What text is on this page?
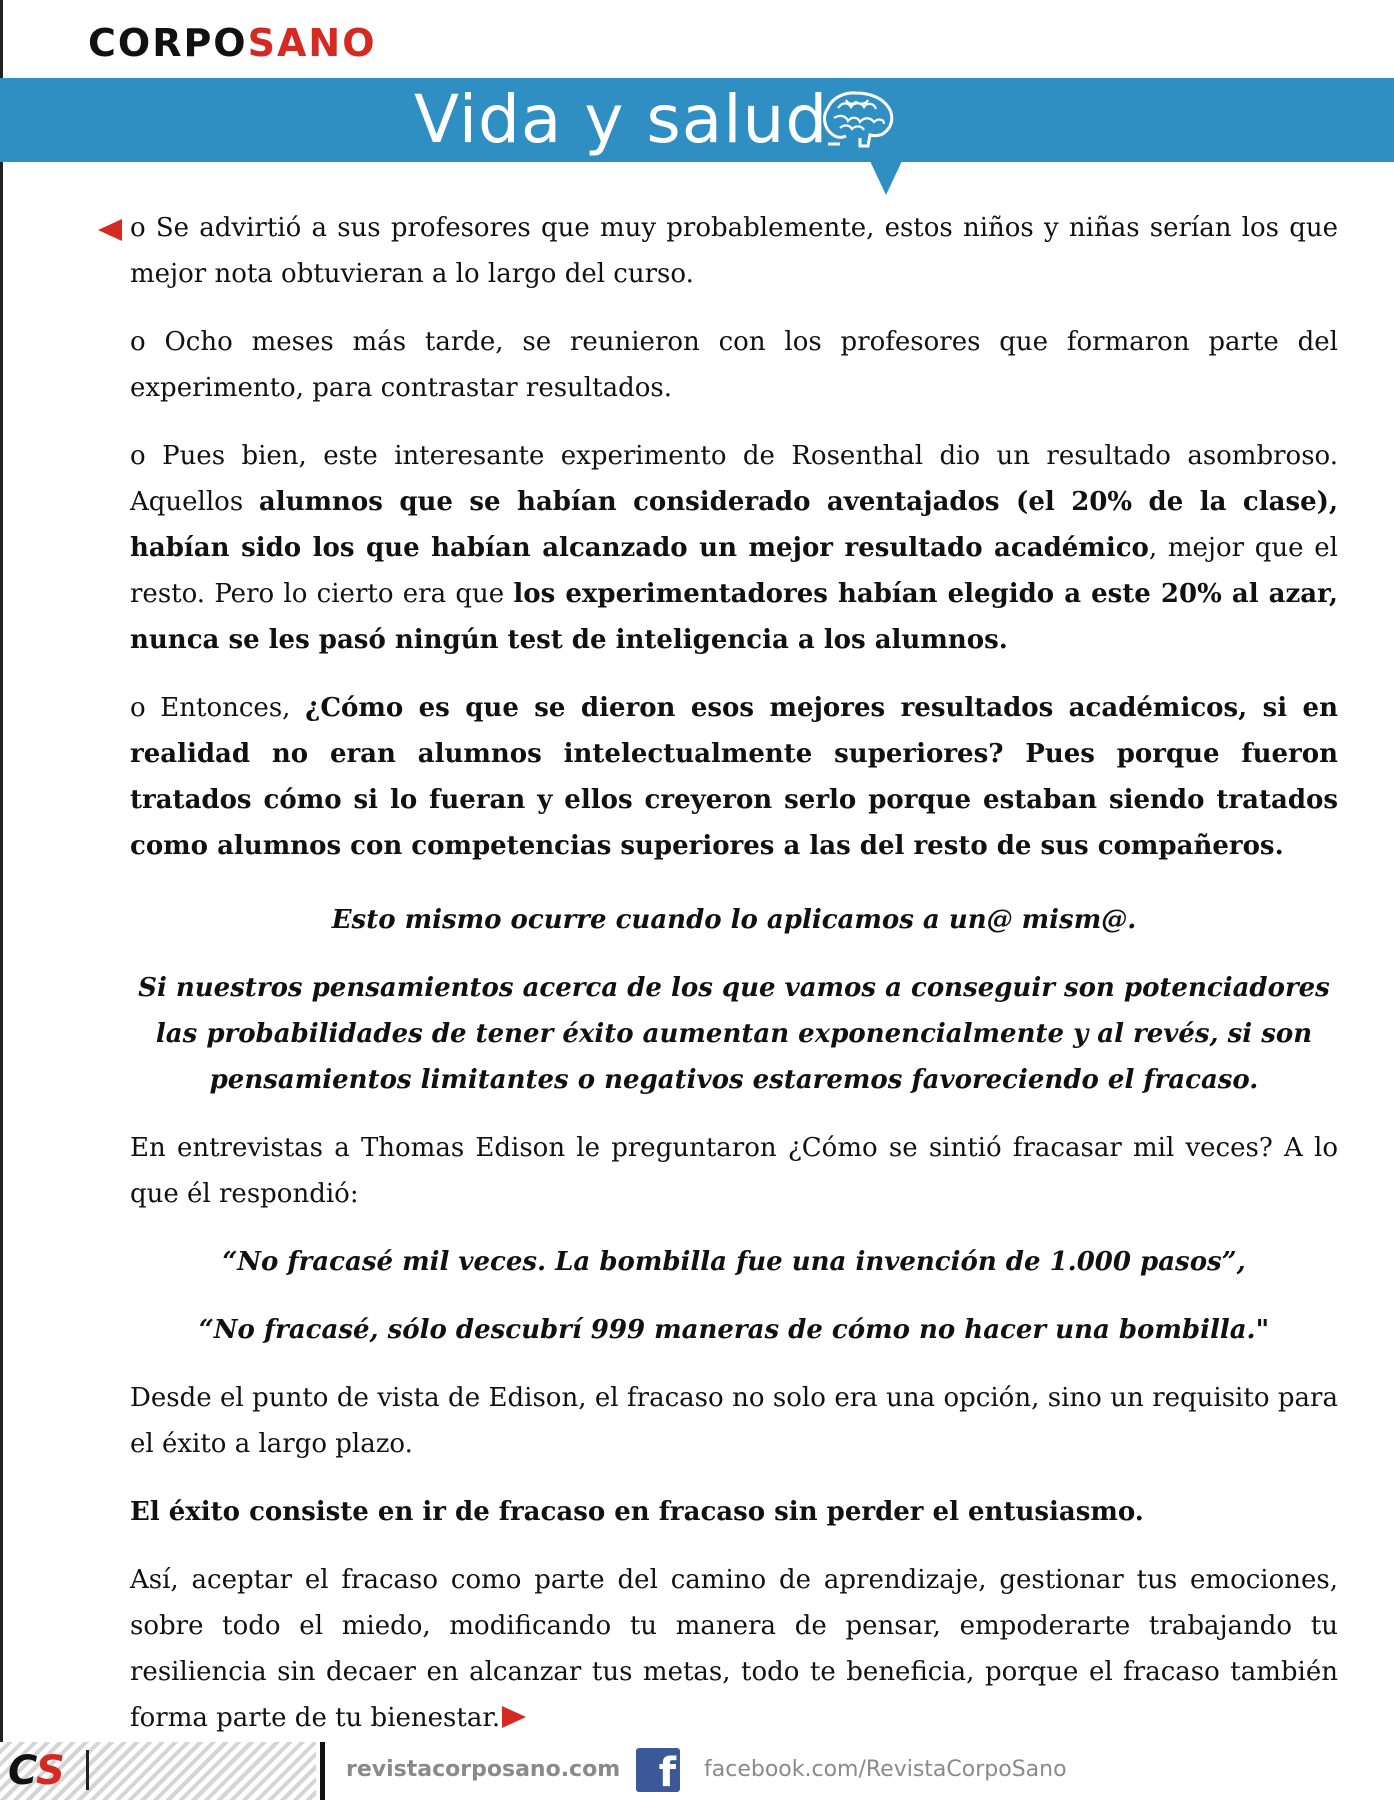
CORPOSANO
Vida y salud

o Se advirtió a sus profesores que muy probablemente, estos niños y niñas serían los que mejor nota obtuvieran a lo largo del curso.

o Ocho meses más tarde, se reunieron con los profesores que formaron parte del experimento, para contrastar resultados.

o Pues bien, este interesante experimento de Rosenthal dio un resultado asombroso. Aquellos alumnos que se habían considerado aventajados (el 20% de la clase), habían sido los que habían alcanzado un mejor resultado académico, mejor que el resto. Pero lo cierto era que los experimentadores habían elegido a este 20% al azar, nunca se les pasó ningún test de inteligencia a los alumnos.

o Entonces, ¿Cómo es que se dieron esos mejores resultados académicos, si en realidad no eran alumnos intelectualmente superiores? Pues porque fueron tratados cómo si lo fueran y ellos creyeron serlo porque estaban siendo tratados como alumnos con competencias superiores a las del resto de sus compañeros.

Esto mismo ocurre cuando lo aplicamos a un@ mism@.

Si nuestros pensamientos acerca de los que vamos a conseguir son potenciadores las probabilidades de tener éxito aumentan exponencialmente y al revés, si son pensamientos limitantes o negativos estaremos favoreciendo el fracaso.

En entrevistas a Thomas Edison le preguntaron ¿Cómo se sintió fracasar mil veces? A lo que él respondió:

“No fracasé mil veces. La bombilla fue una invención de 1.000 pasos”,

“No fracasé, sólo descubrí 999 maneras de cómo no hacer una bombilla."

Desde el punto de vista de Edison, el fracaso no solo era una opción, sino un requisito para el éxito a largo plazo.

El éxito consiste en ir de fracaso en fracaso sin perder el entusiasmo.

Así, aceptar el fracaso como parte del camino de aprendizaje, gestionar tus emociones, sobre todo el miedo, modificando tu manera de pensar, empoderarte trabajando tu resiliencia sin decaer en alcanzar tus metas, todo te beneficia, porque el fracaso también forma parte de tu bienestar.

CS	revistacorposano.com f facebook.com/RevistaCorpoSano
